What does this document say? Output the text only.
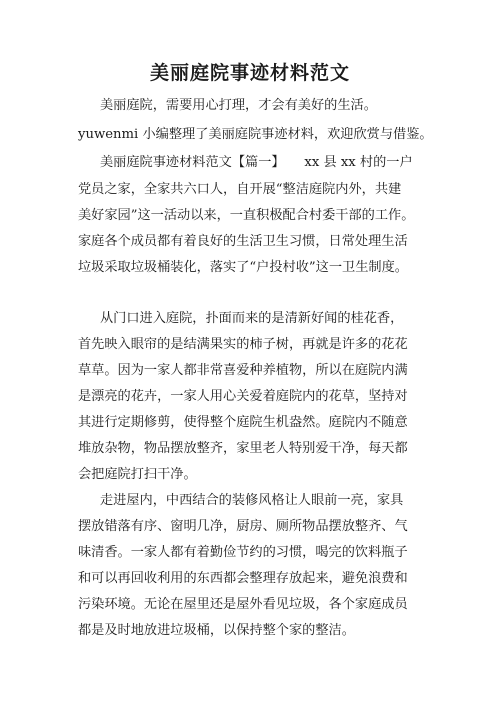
美丽庭院事迹材料范文
美丽庭院，需要用心打理，才会有美好的生活。
yuwenmi 小编整理了美丽庭院事迹材料，欢迎欣赏与借鉴。
美丽庭院事迹材料范文【篇一】　　xx 县 xx 村的一户
党员之家，全家共六口人，自开展“整洁庭院内外，共建
美好家园”这一活动以来，一直积极配合村委干部的工作。
家庭各个成员都有着良好的生活卫生习惯，日常处理生活
垃圾采取垃圾桶装化，落实了“户投村收”这一卫生制度。
从门口进入庭院，扑面而来的是清新好闻的桂花香，
首先映入眼帘的是结满果实的柿子树，再就是许多的花花
草草。因为一家人都非常喜爱种养植物，所以在庭院内满
是漂亮的花卉，一家人用心关爱着庭院内的花草，坚持对
其进行定期修剪，使得整个庭院生机盎然。庭院内不随意
堆放杂物，物品摆放整齐，家里老人特别爱干净，每天都
会把庭院打扫干净。
走进屋内，中西结合的装修风格让人眼前一亮，家具
摆放错落有序、窗明几净，厨房、厕所物品摆放整齐、气
味清香。一家人都有着勤俭节约的习惯，喝完的饮料瓶子
和可以再回收利用的东西都会整理存放起来，避免浪费和
污染环境。无论在屋里还是屋外看见垃圾，各个家庭成员
都是及时地放进垃圾桶，以保持整个家的整洁。
